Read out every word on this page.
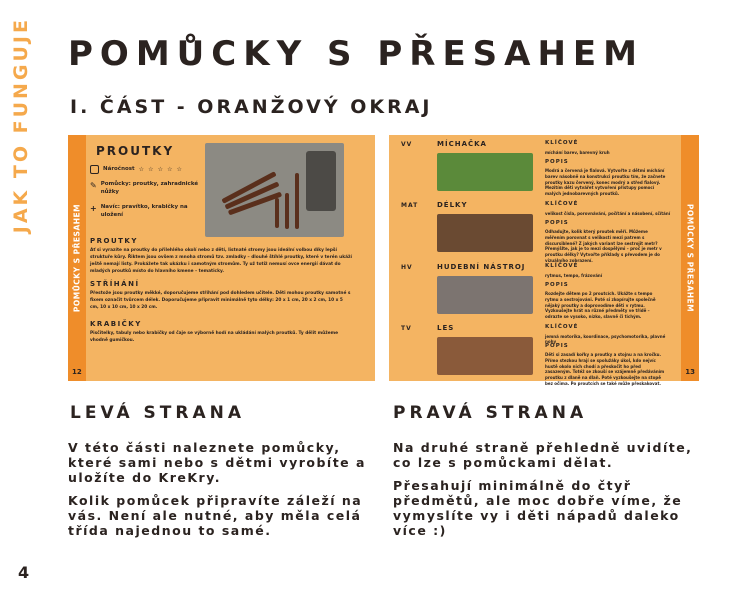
JAK TO FUNGUJE POMŮCKY S PŘESAHEM
I. ČÁST - ORANŽOVÝ OKRAJ
POMŮCKY S PŘESAHEM
12
PROUTKY
Náročnost ☆ ☆ ☆ ☆ ☆
✎ Pomůcky: proutky, zahradnické nůžky
+ Navíc: pravítko, krabičky na uložení
PROUTKY
Ať si vyrazíte na proutky do přilehlého okolí nebo z dětí, listnaté stromy jsou ideální volbou díky lepší struktuře kůry. Řiktem jsou ovšem z mnoha stromů tzv. zmladky – dlouhé štíhlé proutky, které v terén ukáží ještě nemají listy. Prokážete tak ukázku i samotným stromům. Ty už totiž nemusí ovce energií dávat do mladých proutků místo do hlavního kmene – tematicky.
STŘÍHÁNÍ
Přestože jsou proutky měkké, doporučujeme stříhání pod dohledem učitele. Děti mohou proutky samotné s fixem označit tvůrcem délek. Doporučujeme připravit minimálně tyto délky: 20 x 1 cm, 20 x 2 cm, 10 x 5 cm, 10 x 10 cm, 10 x 20 cm.
KRABIČKY
Pisčitelky, tabuly nebo krabičky od čaje se výborně hodí na ukládání malých proutků. Ty dělit můžeme vhodně gumičkou.
POMŮCKY S PŘESAHEM
13
VV	MÍCHAČKA	KLÍČOVÉ
míchání barev, barevný kruh
POPIS
Modrá a červená je fialová. Vytvořte z dětmi míchání barev násobně na konstrukci proutku tím, že začnete proutky kazu červený, konec modrý a střed fialový. Mezitím děti vytvářet vytvoření přístupy pomocí malých jednobarevných proutků.
MAT	DÉLKY	KLÍČOVÉ
velikost čísla, porovnávání, počítání a násobení, sčítání
POPIS
Odhadujte, kolik který proutek měří. Můžeme měřením porovnat s velikostí mezi patrem s discursiblené? Z jakých variant lze sestrojit metr? Přemýšlte, jak je to mezi dospělými – proč je metr v proutku délky? Vytvořte příklady s převodem je do vizuálního zobrazení.
HV	HUDEBNÍ NÁSTROJ	KLÍČOVÉ
rytmus, tempo, frázování
POPIS
Rozdejte dětem po 2 proutcích. Ukážte s tempo rytmu a sestrojováni. Poté si zkopírujte společně nějaký proutky a doprovodíme děti v rytmu. Vyzkoušejte hrát na různé předměty ve třídě – odrazte se vysoko, nízko, slavně či tichým.
TV	LES	KLÍČOVÉ
jemná motorika, koordinace, psychomotorika, plavné nohy
POPIS
Děti si zasadí kořky a proutky a stojnu a na kročku. Přímo stezkou hrají se spolužáky úkol, kdo nejvíc hustě okolo nich chodí a přeskočit ho před zasazeným. Totéž se zkouší se vzájemně předáváním proutku z dlaně na dlaň. Poté vyzkoušejte na stopě bez očima. Po proutcích se také může přeskakovat.
LEVÁ STRANA

V této části naleznete pomůcky, které sami nebo s dětmi vyrobíte a uložíte do KreKry.

Kolik pomůcek připravíte záleží na vás. Není ale nutné, aby měla celá třída najednou to samé.

PRAVÁ STRANA

Na druhé straně přehledně uvidíte, co lze s pomůckami dělat.

Přesahují minimálně do čtyř předmětů, ale moc dobře víme, že vymyslíte vy i děti nápadů daleko více :)

4
